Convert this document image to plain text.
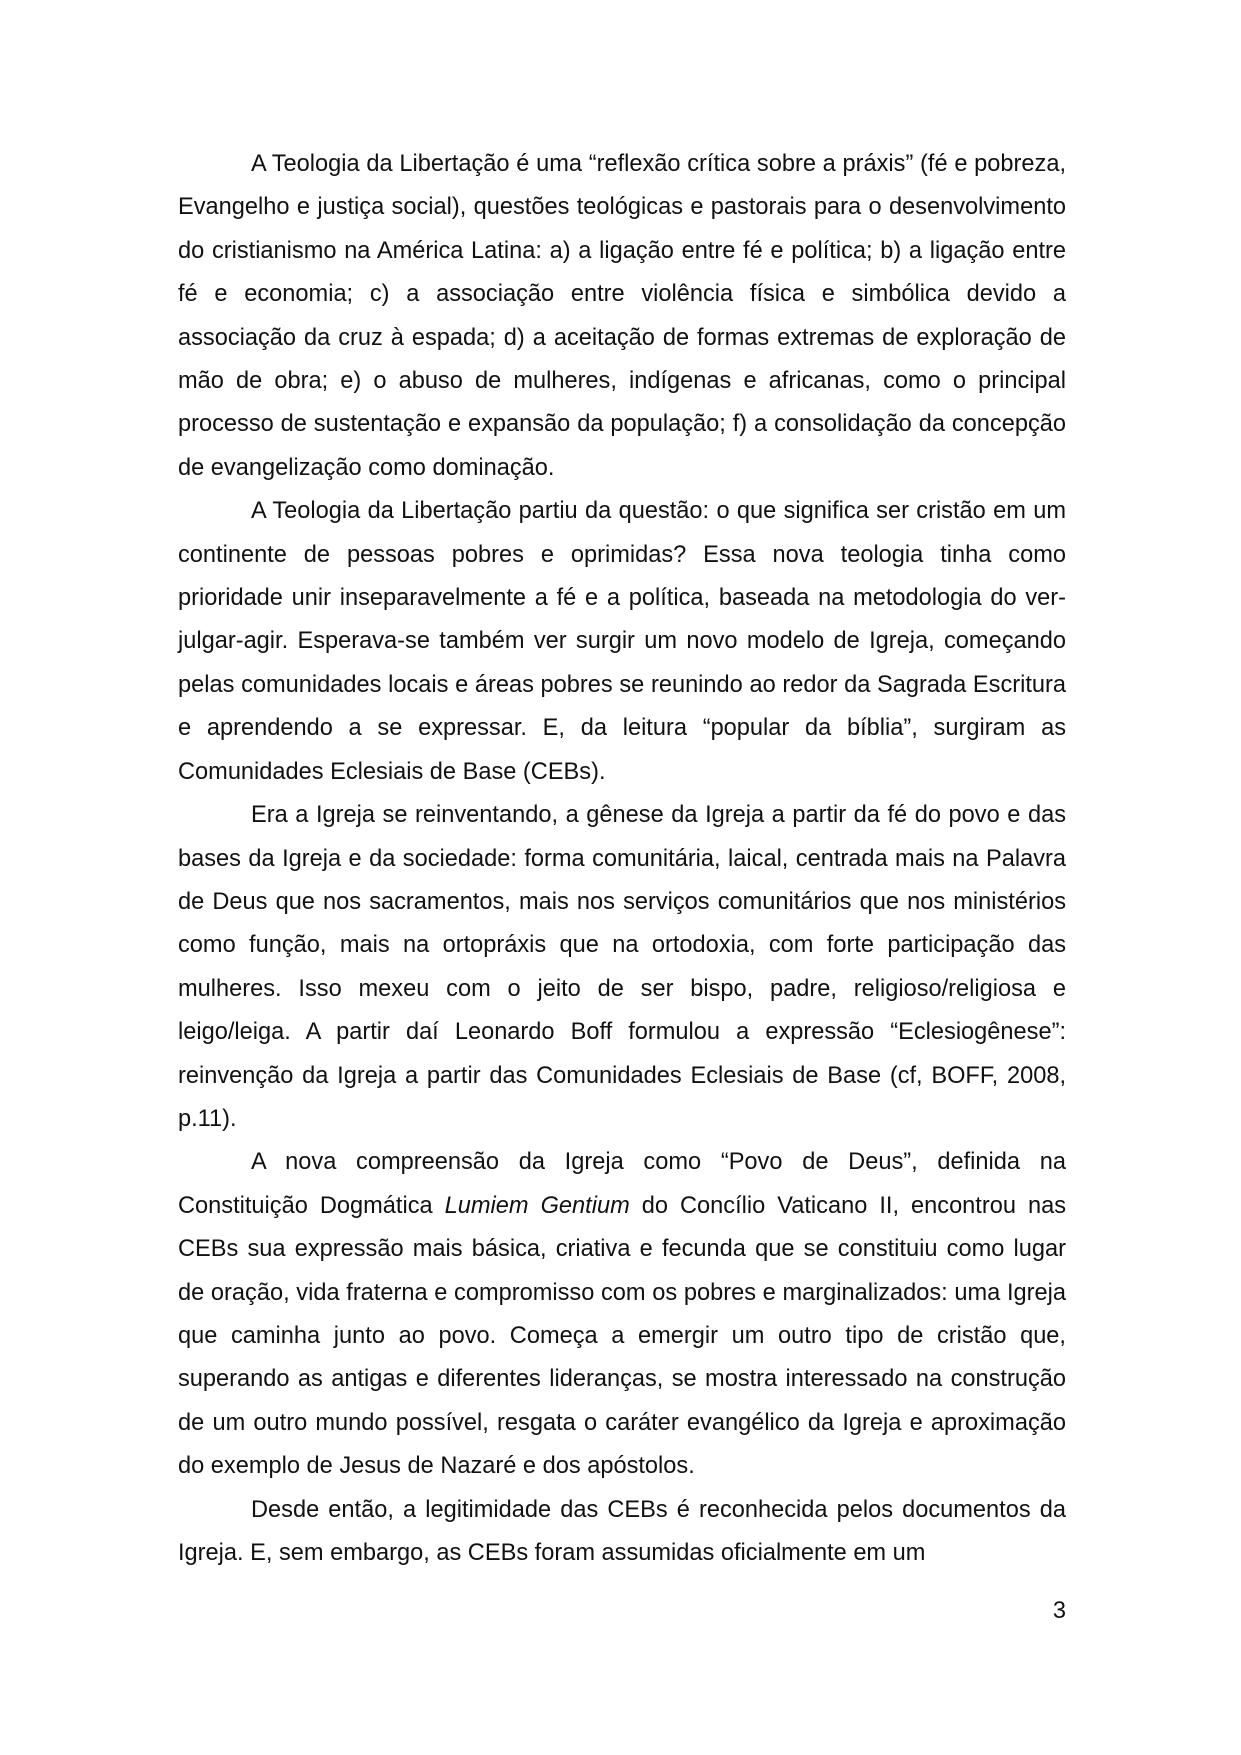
A Teologia da Libertação é uma “reflexão crítica sobre a práxis” (fé e pobreza, Evangelho e justiça social), questões teológicas e pastorais para o desenvolvimento do cristianismo na América Latina: a) a ligação entre fé e política; b) a ligação entre fé e economia; c) a associação entre violência física e simbólica devido a associação da cruz à espada; d) a aceitação de formas extremas de exploração de mão de obra; e) o abuso de mulheres, indígenas e africanas, como o principal processo de sustentação e expansão da população; f) a consolidação da concepção de evangelização como dominação.

A Teologia da Libertação partiu da questão: o que significa ser cristão em um continente de pessoas pobres e oprimidas? Essa nova teologia tinha como prioridade unir inseparavelmente a fé e a política, baseada na metodologia do ver-julgar-agir. Esperava-se também ver surgir um novo modelo de Igreja, começando pelas comunidades locais e áreas pobres se reunindo ao redor da Sagrada Escritura e aprendendo a se expressar. E, da leitura “popular da bíblia”, surgiram as Comunidades Eclesiais de Base (CEBs).

Era a Igreja se reinventando, a gênese da Igreja a partir da fé do povo e das bases da Igreja e da sociedade: forma comunitária, laical, centrada mais na Palavra de Deus que nos sacramentos, mais nos serviços comunitários que nos ministérios como função, mais na ortopráxis que na ortodoxia, com forte participação das mulheres. Isso mexeu com o jeito de ser bispo, padre, religioso/religiosa e leigo/leiga. A partir daí Leonardo Boff formulou a expressão “Eclesiogênese”: reinvenção da Igreja a partir das Comunidades Eclesiais de Base (cf, BOFF, 2008, p.11).

A nova compreensão da Igreja como “Povo de Deus”, definida na Constituição Dogmática Lumiem Gentium do Concílio Vaticano II, encontrou nas CEBs sua expressão mais básica, criativa e fecunda que se constituiu como lugar de oração, vida fraterna e compromisso com os pobres e marginalizados: uma Igreja que caminha junto ao povo. Começa a emergir um outro tipo de cristão que, superando as antigas e diferentes lideranças, se mostra interessado na construção de um outro mundo possível, resgata o caráter evangélico da Igreja e aproximação do exemplo de Jesus de Nazaré e dos apóstolos.

Desde então, a legitimidade das CEBs é reconhecida pelos documentos da Igreja. E, sem embargo, as CEBs foram assumidas oficialmente em um

3
